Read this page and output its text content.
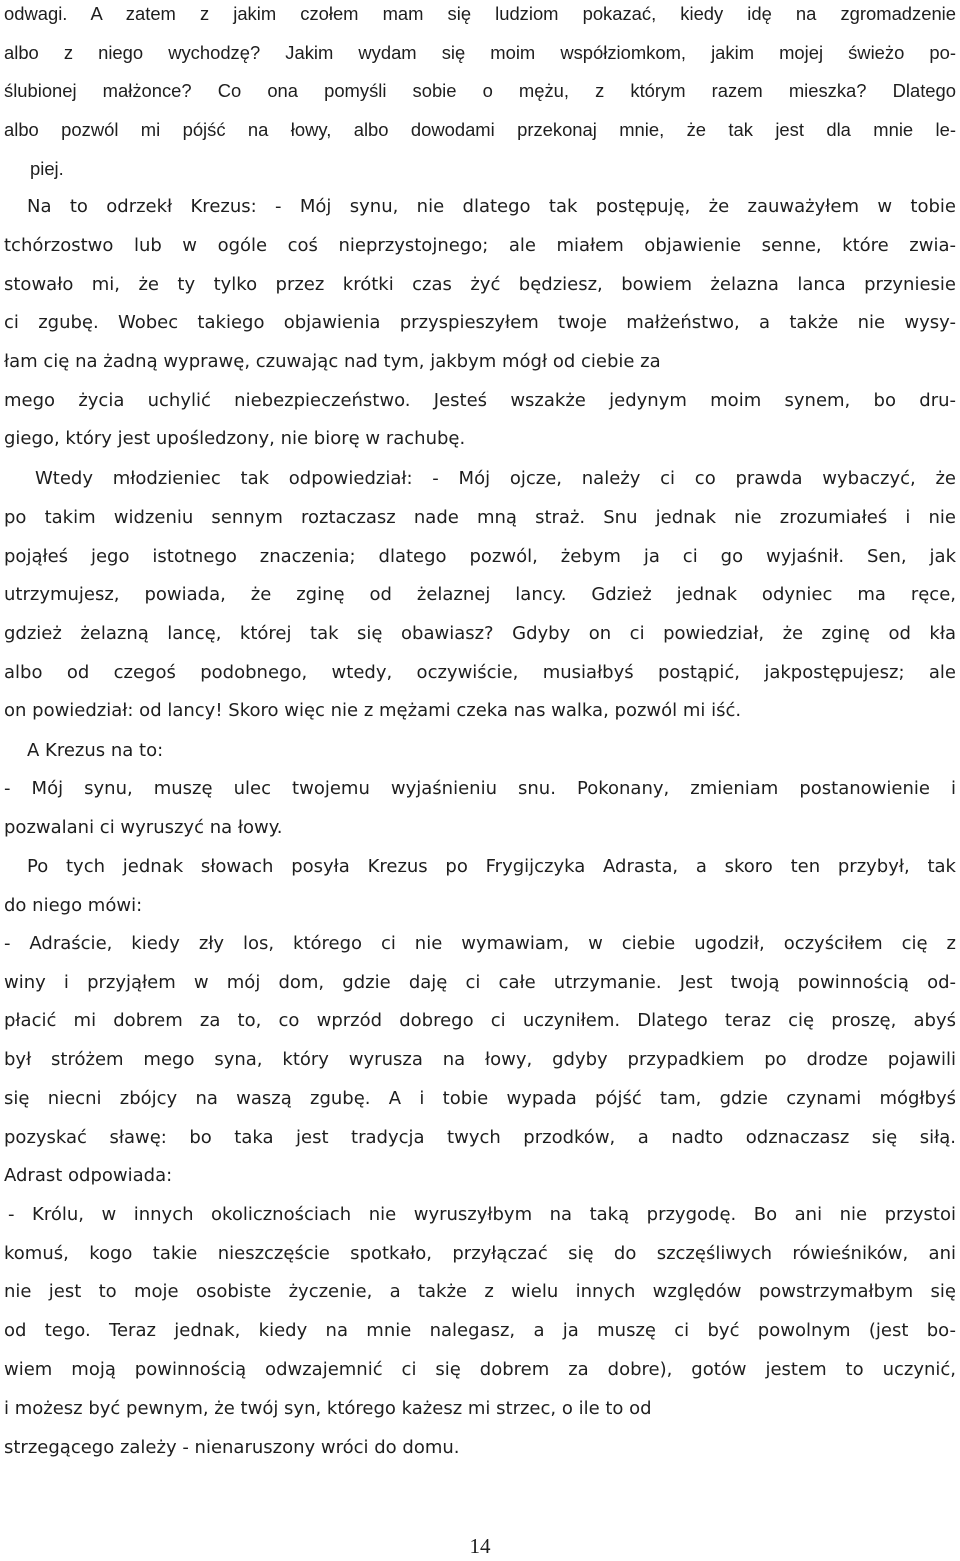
odwagi. A zatem z jakim czołem mam się ludziom pokazać, kiedy idę na zgromadzenie
albo z niego wychodzę? Jakim wydam się moim współziomkom, jakim mojej świeżo po-
ślubionej małżonce? Co ona pomyśli sobie o mężu, z którym razem mieszka? Dlatego
albo pozwól mi pójść na łowy, albo dowodami przekonaj mnie, że tak jest dla mnie le-
piej.
Na to odrzekł Krezus: - Mój synu, nie dlatego tak postępuję, że zauważyłem w tobie
tchórzostwo lub w ogóle coś nieprzystojnego; ale miałem objawienie senne, które zwia-
stowało mi, że ty tylko przez krótki czas żyć będziesz, bowiem żelazna lanca przyniesie
ci zgubę. Wobec takiego objawienia przyspieszyłem twoje małżeństwo, a także nie wysy-
łam cię na żadną wyprawę, czuwając nad tym, jakbym mógł od ciebie za
mego życia uchylić niebezpieczeństwo. Jesteś wszakże jedynym moim synem, bo dru-
giego, który jest upośledzony, nie biorę w rachubę.
Wtedy młodzieniec tak odpowiedział: - Mój ojcze, należy ci co prawda wybaczyć, że
po takim widzeniu sennym roztaczasz nade mną straż. Snu jednak nie zrozumiałeś i nie
pojąłeś jego istotnego znaczenia; dlatego pozwól, żebym ja ci go wyjaśnił. Sen, jak
utrzymujesz, powiada, że zginę od żelaznej lancy. Gdzież jednak odyniec ma ręce,
gdzież żelazną lancę, której tak się obawiasz? Gdyby on ci powiedział, że zginę od kła
albo od czegoś podobnego, wtedy, oczywiście, musiałbyś postąpić, jakpostępujesz; ale
on powiedział: od lancy! Skoro więc nie z mężami czeka nas walka, pozwól mi iść.
A Krezus na to:
- Mój synu, muszę ulec twojemu wyjaśnieniu snu. Pokonany, zmieniam postanowienie i
pozwalani ci wyruszyć na łowy.
Po tych jednak słowach posyła Krezus po Frygijczyka Adrasta, a skoro ten przybył, tak
do niego mówi:
- Adraście, kiedy zły los, którego ci nie wymawiam, w ciebie ugodził, oczyściłem cię z
winy i przyjąłem w mój dom, gdzie daję ci całe utrzymanie. Jest twoją powinnością od-
płacić mi dobrem za to, co wprzód dobrego ci uczyniłem. Dlatego teraz cię proszę, abyś
był stróżem mego syna, który wyrusza na łowy, gdyby przypadkiem po drodze pojawili
się niecni zbójcy na waszą zgubę. A i tobie wypada pójść tam, gdzie czynami mógłbyś
pozyskać sławę: bo taka jest tradycja twych przodków, a nadto odznaczasz się siłą.
Adrast odpowiada:
- Królu, w innych okolicznościach nie wyruszyłbym na taką przygodę. Bo ani nie przystoi
komuś, kogo takie nieszczęście spotkało, przyłączać się do szczęśliwych rówieśników, ani
nie jest to moje osobiste życzenie, a także z wielu innych względów powstrzymałbym się
od tego. Teraz jednak, kiedy na mnie nalegasz, a ja muszę ci być powolnym (jest bo-
wiem moją powinnością odwzajemnić ci się dobrem za dobre), gotów jestem to uczynić,
i możesz być pewnym, że twój syn, którego każesz mi strzec, o ile to od
strzegącego zależy - nienaruszony wróci do domu.
14
